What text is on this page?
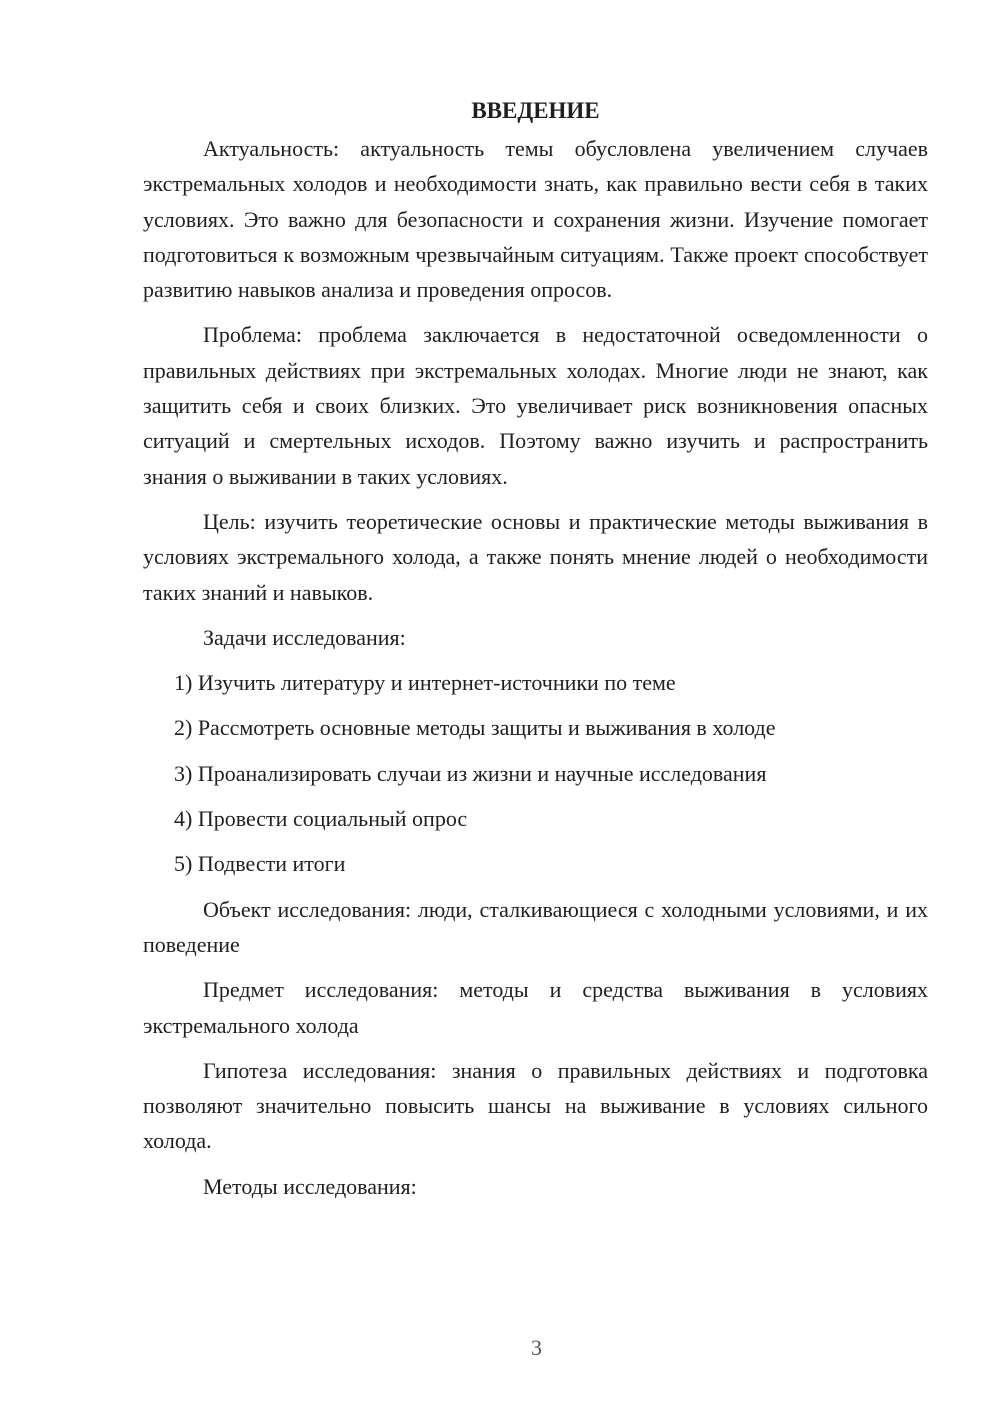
ВВЕДЕНИЕ

Актуальность: актуальность темы обусловлена увеличением случаев экстремальных холодов и необходимости знать, как правильно вести себя в таких условиях. Это важно для безопасности и сохранения жизни. Изучение помогает подготовиться к возможным чрезвычайным ситуациям. Также проект способствует развитию навыков анализа и проведения опросов.

Проблема: проблема заключается в недостаточной осведомленности о правильных действиях при экстремальных холодах. Многие люди не знают, как защитить себя и своих близких. Это увеличивает риск возникновения опасных ситуаций и смертельных исходов. Поэтому важно изучить и распространить знания о выживании в таких условиях.

Цель: изучить теоретические основы и практические методы выживания в условиях экстремального холода, а также понять мнение людей о необходимости таких знаний и навыков.

Задачи исследования:
1) Изучить литературу и интернет-источники по теме
2) Рассмотреть основные методы защиты и выживания в холоде
3) Проанализировать случаи из жизни и научные исследования
4) Провести социальный опрос
5) Подвести итоги

Объект исследования: люди, сталкивающиеся с холодными условиями, и их поведение

Предмет исследования: методы и средства выживания в условиях экстремального холода

Гипотеза исследования: знания о правильных действиях и подготовка позволяют значительно повысить шансы на выживание в условиях сильного холода.

Методы исследования:
3
